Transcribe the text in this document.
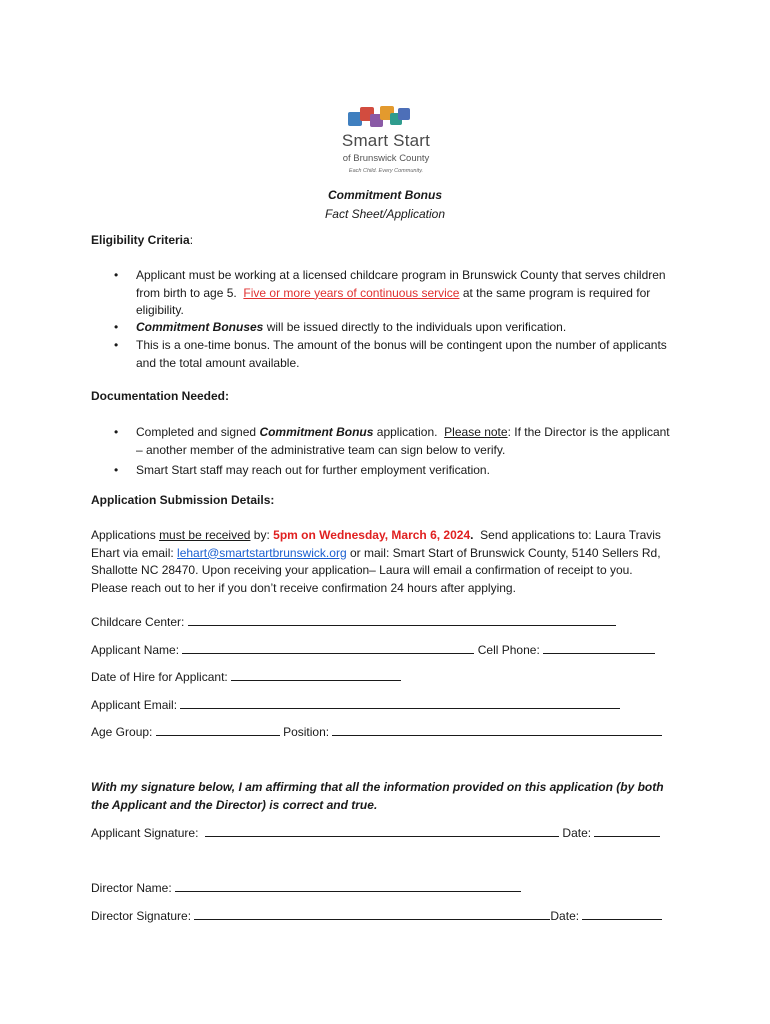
Smart Start
of Brunswick County
Each Child. Every Community.
Commitment Bonus
Fact Sheet/Application
Eligibility Criteria:
• Applicant must be working at a licensed childcare program in Brunswick County that serves children from birth to age 5. Five or more years of continuous service at the same program is required for eligibility.
• Commitment Bonuses will be issued directly to the individuals upon verification.
• This is a one-time bonus. The amount of the bonus will be contingent upon the number of applicants and the total amount available.
Documentation Needed:
• Completed and signed Commitment Bonus application. Please note: If the Director is the applicant – another member of the administrative team can sign below to verify.
• Smart Start staff may reach out for further employment verification.
Application Submission Details:
Applications must be received by: 5pm on Wednesday, March 6, 2024. Send applications to: Laura Travis Ehart via email: lehart@smartstartbrunswick.org or mail: Smart Start of Brunswick County, 5140 Sellers Rd, Shallotte NC 28470. Upon receiving your application– Laura will email a confirmation of receipt to you. Please reach out to her if you don’t receive confirmation 24 hours after applying.
Childcare Center:
Applicant Name:	Cell Phone:
Date of Hire for Applicant:
Applicant Email:
Age Group:	Position:
With my signature below, I am affirming that all the information provided on this application (by both the Applicant and the Director) is correct and true.
Applicant Signature:	Date:
Director Name:
Director Signature:	Date:
